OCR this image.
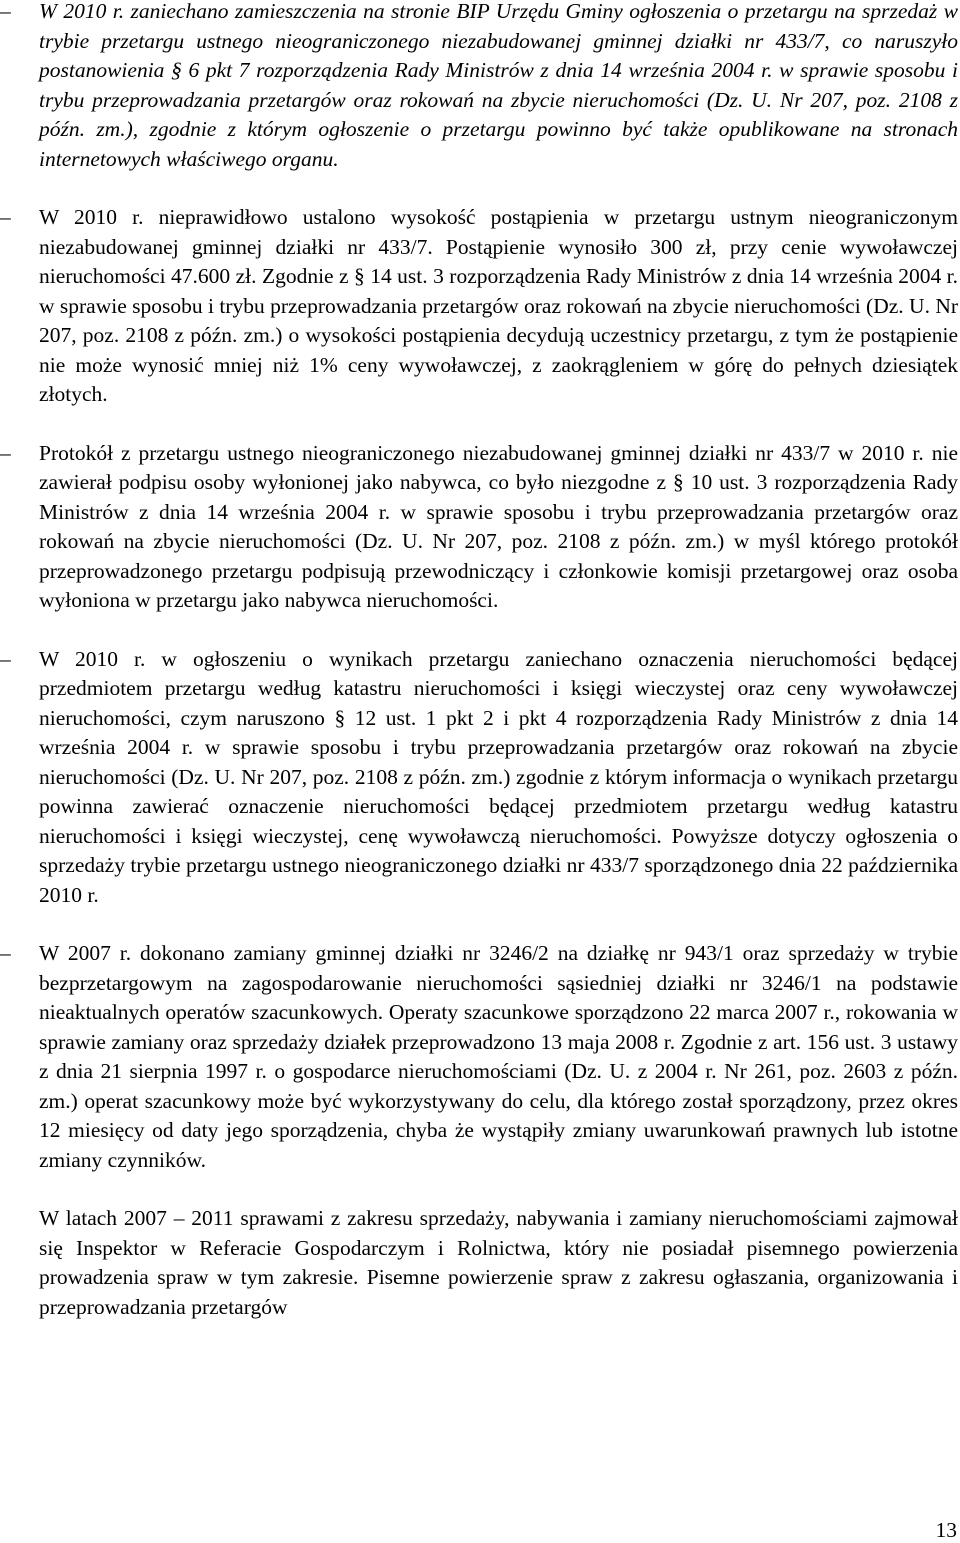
–	W 2010 r. zaniechano zamieszczenia na stronie BIP Urzędu Gminy ogłoszenia o przetargu na sprzedaż w trybie przetargu ustnego nieograniczonego niezabudowanej gminnej działki nr 433/7, co naruszyło postanowienia § 6 pkt 7 rozporządzenia Rady Ministrów z dnia 14 września 2004 r. w sprawie sposobu i trybu przeprowadzania przetargów oraz rokowań na zbycie nieruchomości (Dz. U. Nr 207, poz. 2108 z późn. zm.), zgodnie z którym ogłoszenie o przetargu powinno być także opublikowane na stronach internetowych właściwego organu.
–	W 2010 r. nieprawidłowo ustalono wysokość postąpienia w przetargu ustnym nieograniczonym niezabudowanej gminnej działki nr 433/7. Postąpienie wynosiło 300 zł, przy cenie wywoławczej nieruchomości 47.600 zł. Zgodnie z § 14 ust. 3 rozporządzenia Rady Ministrów z dnia 14 września 2004 r. w sprawie sposobu i trybu przeprowadzania przetargów oraz rokowań na zbycie nieruchomości (Dz. U. Nr 207, poz. 2108 z późn. zm.) o wysokości postąpienia decydują uczestnicy przetargu, z tym że postąpienie nie może wynosić mniej niż 1% ceny wywoławczej, z zaokrągleniem w górę do pełnych dziesiątek złotych.
–	Protokół z przetargu ustnego nieograniczonego niezabudowanej gminnej działki nr 433/7 w 2010 r. nie zawierał podpisu osoby wyłonionej jako nabywca, co było niezgodne z § 10 ust. 3 rozporządzenia Rady Ministrów z dnia 14 września 2004 r. w sprawie sposobu i trybu przeprowadzania przetargów oraz rokowań na zbycie nieruchomości (Dz. U. Nr 207, poz. 2108 z późn. zm.) w myśl którego protokół przeprowadzonego przetargu podpisują przewodniczący i członkowie komisji przetargowej oraz osoba wyłoniona w przetargu jako nabywca nieruchomości.
–	W 2010 r. w ogłoszeniu o wynikach przetargu zaniechano oznaczenia nieruchomości będącej przedmiotem przetargu według katastru nieruchomości i księgi wieczystej oraz ceny wywoławczej nieruchomości, czym naruszono § 12 ust. 1 pkt 2 i pkt 4 rozporządzenia Rady Ministrów z dnia 14 września 2004 r. w sprawie sposobu i trybu przeprowadzania przetargów oraz rokowań na zbycie nieruchomości (Dz. U. Nr 207, poz. 2108 z późn. zm.) zgodnie z którym informacja o wynikach przetargu powinna zawierać oznaczenie nieruchomości będącej przedmiotem przetargu według katastru nieruchomości i księgi wieczystej, cenę wywoławczą nieruchomości. Powyższe dotyczy ogłoszenia o sprzedaży trybie przetargu ustnego nieograniczonego działki nr 433/7 sporządzonego dnia 22 października 2010 r.
–	W 2007 r. dokonano zamiany gminnej działki nr 3246/2 na działkę nr 943/1 oraz sprzedaży w trybie bezprzetargowym na zagospodarowanie nieruchomości sąsiedniej działki nr 3246/1 na podstawie nieaktualnych operatów szacunkowych. Operaty szacunkowe sporządzono 22 marca 2007 r., rokowania w sprawie zamiany oraz sprzedaży działek przeprowadzono 13 maja 2008 r. Zgodnie z art. 156 ust. 3 ustawy z dnia 21 sierpnia 1997 r. o gospodarce nieruchomościami (Dz. U. z 2004 r. Nr 261, poz. 2603 z późn. zm.) operat szacunkowy może być wykorzystywany do celu, dla którego został sporządzony, przez okres 12 miesięcy od daty jego sporządzenia, chyba że wystąpiły zmiany uwarunkowań prawnych lub istotne zmiany czynników.

W latach 2007 – 2011 sprawami z zakresu sprzedaży, nabywania i zamiany nieruchomościami zajmował się Inspektor w Referacie Gospodarczym i Rolnictwa, który nie posiadał pisemnego powierzenia prowadzenia spraw w tym zakresie. Pisemne powierzenie spraw z zakresu ogłaszania, organizowania i przeprowadzania przetargów

13
